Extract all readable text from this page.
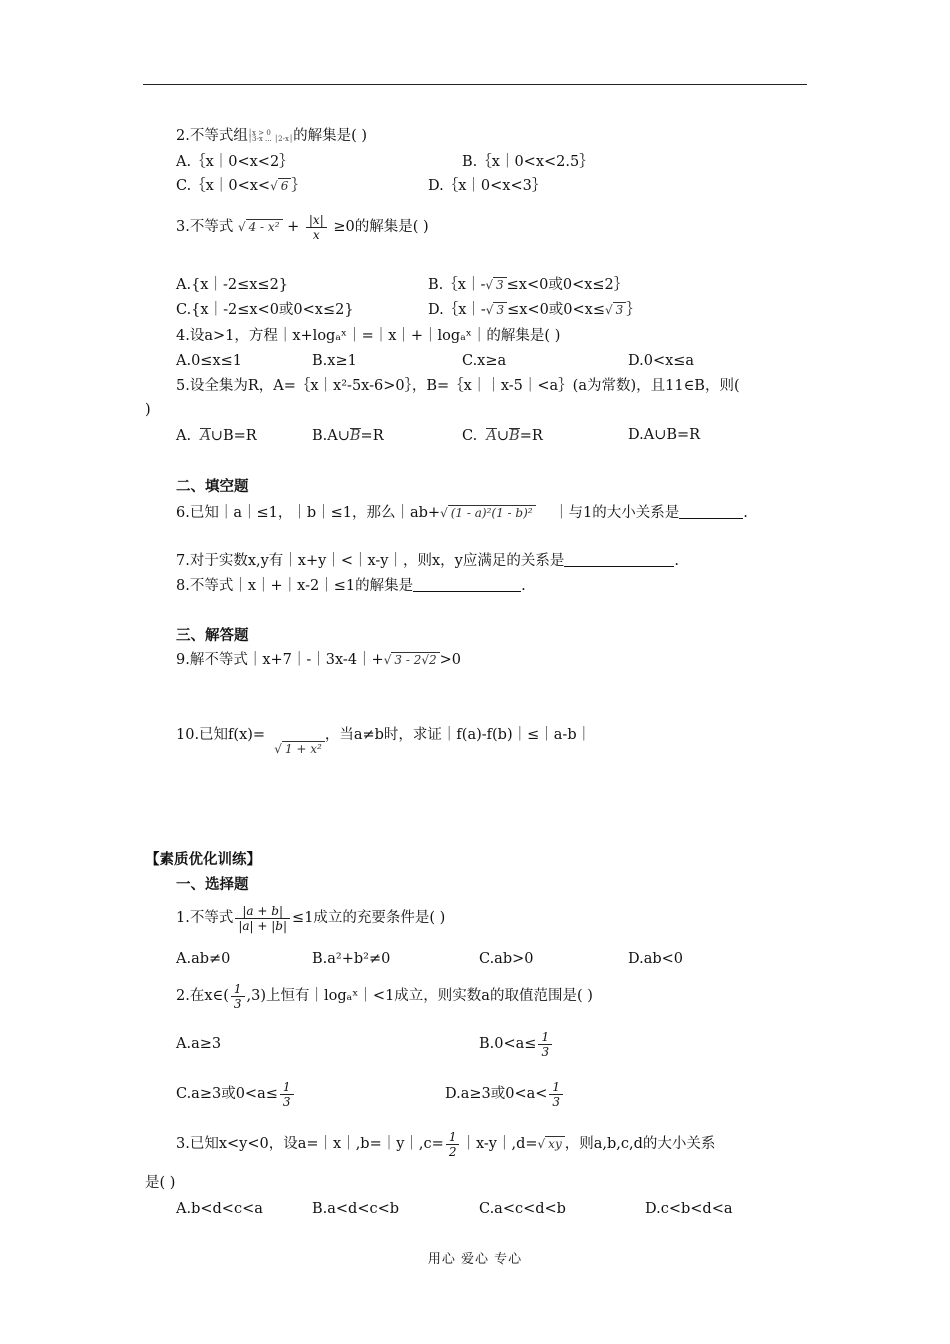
2.不等式组│x > 0
│3-x ... │2-x│的解集是( )
A.｛x｜0<x<2｝	B.｛x｜0<x<2.5｝
C.｛x｜0<x<√ 6 ｝	D.｛x｜0<x<3｝
3.不等式 √ $4 - x^2 + \frac{|x|}{x} \ge 0$的解集是( )
A.{x｜-2≤x≤2}	B.｛x｜-√ 3 ≤x<0或0<x≤2｝
C.{x｜-2≤x<0或0<x≤2}	D.｛x｜-√ 3 ≤x<0或0<x≤√ 3 ｝
4.设a>1，方程｜x+logₐˣ｜=｜x｜+｜logₐˣ｜的解集是( )
A.0≤x≤1	B.x≥1	C.x≥a	D.0<x≤a
5.设全集为R，A=｛x｜x²-5x-6>0｝，B=｛x｜｜x-5｜<a｝(a为常数)，且11∈B，则(
)
A. A∪B=R	B.A∪B=R	C. A∪B=R	D.A∪B=R
二、填空题
6.已知｜a｜≤1，｜b｜≤1，那么｜ab+√ (1 - a)²(1 - b)² ｜与1的大小关系是	.
7.对于实数x,y有｜x+y｜<｜x-y｜，则x，y应满足的关系是	.
8.不等式｜x｜+｜x-2｜≤1的解集是	.
三、解答题
9.解不等式｜x+7｜-｜3x-4｜+√ 3 - 2√2 >0
10.已知f(x)=  √ 1 + x²，当a≠b时，求证｜f(a)-f(b)｜≤｜a-b｜
【素质优化训练】
一、选择题
1.不等式 $\frac{|a + b|}{|a| + |b|} \le 1$成立的充要条件是( )
A.ab≠0	B.a²+b²≠0	C.ab>0	D.ab<0
2.在x∈( $\frac{1}{3} ,3$)上恒有｜logₐˣ｜<1成立，则实数a的取值范围是( )
A.a≥3	$B.0<a\le \frac{1}{3}$
C.a≥3或$0<a\le \frac{1}{3}$	D.a≥3或$0<a< \frac{1}{3}$
3.已知x<y<0，设a=｜x｜,b=｜y｜,c= $\frac{1}{2}$ ｜x-y｜,d=√ xy ，则a,b,c,d的大小关系
是( )
A.b<d<c<a	B.a<d<c<b	C.a<c<d<b	D.c<b<d<a
用心 爱心 专心
